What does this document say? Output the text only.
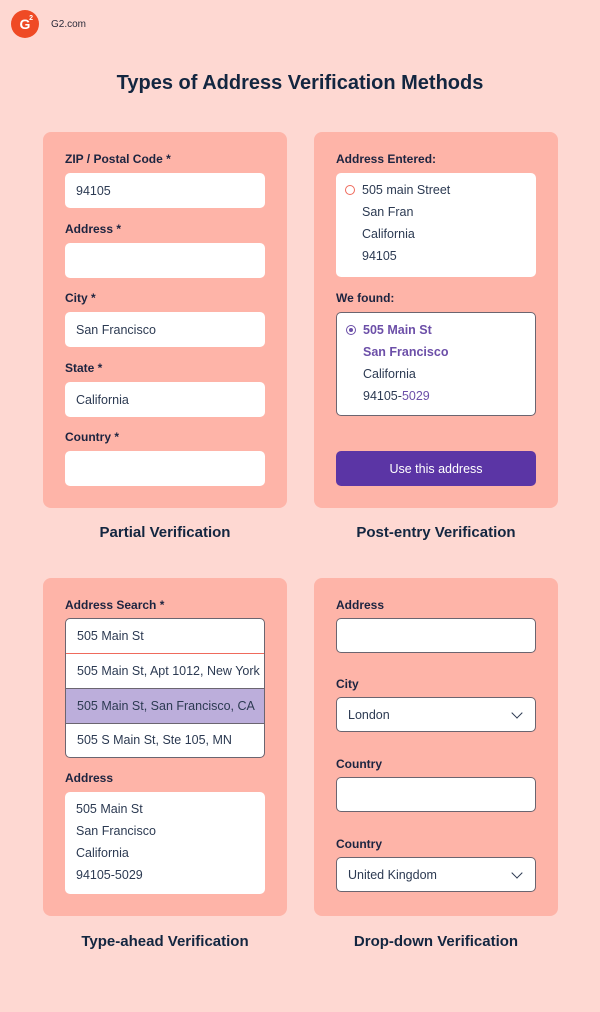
G
2 G2.com
Types of Address Verification Methods
ZIP / Postal Code *
94105
Address *
City *
San Francisco
State *
California
Country *
Partial Verification
Address Entered:
505 main Street
San Fran
California
94105
We found:
505 Main St
San Francisco
California
94105-5029
Use this address
Post-entry Verification
Address Search *
505 Main St
505 Main St, Apt 1012, New York
505 Main St, San Francisco, CA
505 S Main St, Ste 105, MN
Address
505 Main St
San Francisco
California
94105-5029
Type-ahead Verification
Address
City
London
Country
Country
United Kingdom
Drop-down Verification
